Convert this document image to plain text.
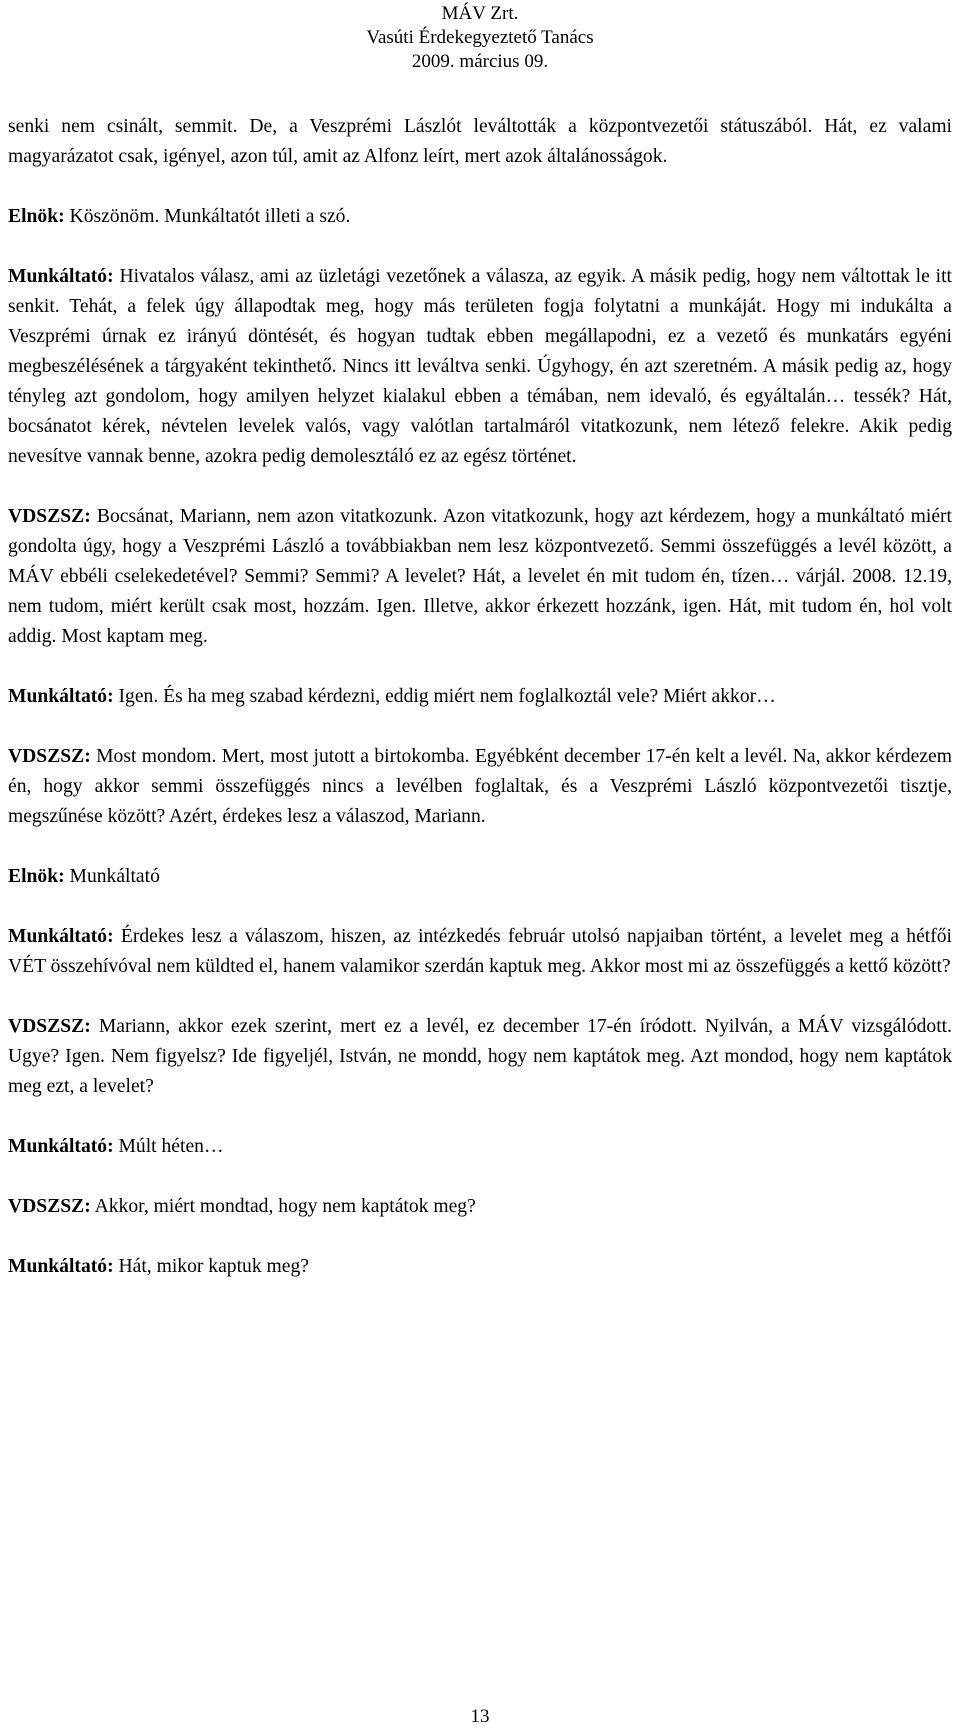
MÁV Zrt.
Vasúti Érdekegyeztető Tanács
2009. március 09.

senki nem csinált, semmit. De, a Veszprémi Lászlót leváltották a központvezetői státuszából. Hát, ez valami magyarázatot csak, igényel, azon túl, amit az Alfonz leírt, mert azok általánosságok.

Elnök: Köszönöm. Munkáltatót illeti a szó.

Munkáltató: Hivatalos válasz, ami az üzletági vezetőnek a válasza, az egyik. A másik pedig, hogy nem váltottak le itt senkit. Tehát, a felek úgy állapodtak meg, hogy más területen fogja folytatni a munkáját. Hogy mi indukálta a Veszprémi úrnak ez irányú döntését, és hogyan tudtak ebben megállapodni, ez a vezető és munkatárs egyéni megbeszélésének a tárgyaként tekinthető. Nincs itt leváltva senki. Úgyhogy, én azt szeretném. A másik pedig az, hogy tényleg azt gondolom, hogy amilyen helyzet kialakul ebben a témában, nem idevaló, és egyáltalán… tessék? Hát, bocsánatot kérek, névtelen levelek valós, vagy valótlan tartalmáról vitatkozunk, nem létező felekre. Akik pedig nevesítve vannak benne, azokra pedig demolesztáló ez az egész történet.

VDSZSZ: Bocsánat, Mariann, nem azon vitatkozunk. Azon vitatkozunk, hogy azt kérdezem, hogy a munkáltató miért gondolta úgy, hogy a Veszprémi László a továbbiakban nem lesz központvezető. Semmi összefüggés a levél között, a MÁV ebbéli cselekedetével? Semmi? Semmi? A levelet? Hát, a levelet én mit tudom én, tízen… várjál. 2008. 12.19, nem tudom, miért került csak most, hozzám. Igen. Illetve, akkor érkezett hozzánk, igen. Hát, mit tudom én, hol volt addig. Most kaptam meg.

Munkáltató: Igen. És ha meg szabad kérdezni, eddig miért nem foglalkoztál vele? Miért akkor…

VDSZSZ: Most mondom. Mert, most jutott a birtokomba. Egyébként december 17-én kelt a levél. Na, akkor kérdezem én, hogy akkor semmi összefüggés nincs a levélben foglaltak, és a Veszprémi László központvezetői tisztje, megszűnése között? Azért, érdekes lesz a válaszod, Mariann.

Elnök: Munkáltató

Munkáltató: Érdekes lesz a válaszom, hiszen, az intézkedés február utolsó napjaiban történt, a levelet meg a hétfői VÉT összehívóval nem küldted el, hanem valamikor szerdán kaptuk meg. Akkor most mi az összefüggés a kettő között?

VDSZSZ: Mariann, akkor ezek szerint, mert ez a levél, ez december 17-én íródott. Nyilván, a MÁV vizsgálódott. Ugye? Igen. Nem figyelsz? Ide figyeljél, István, ne mondd, hogy nem kaptátok meg. Azt mondod, hogy nem kaptátok meg ezt, a levelet?

Munkáltató: Múlt héten…

VDSZSZ: Akkor, miért mondtad, hogy nem kaptátok meg?

Munkáltató: Hát, mikor kaptuk meg?

13
